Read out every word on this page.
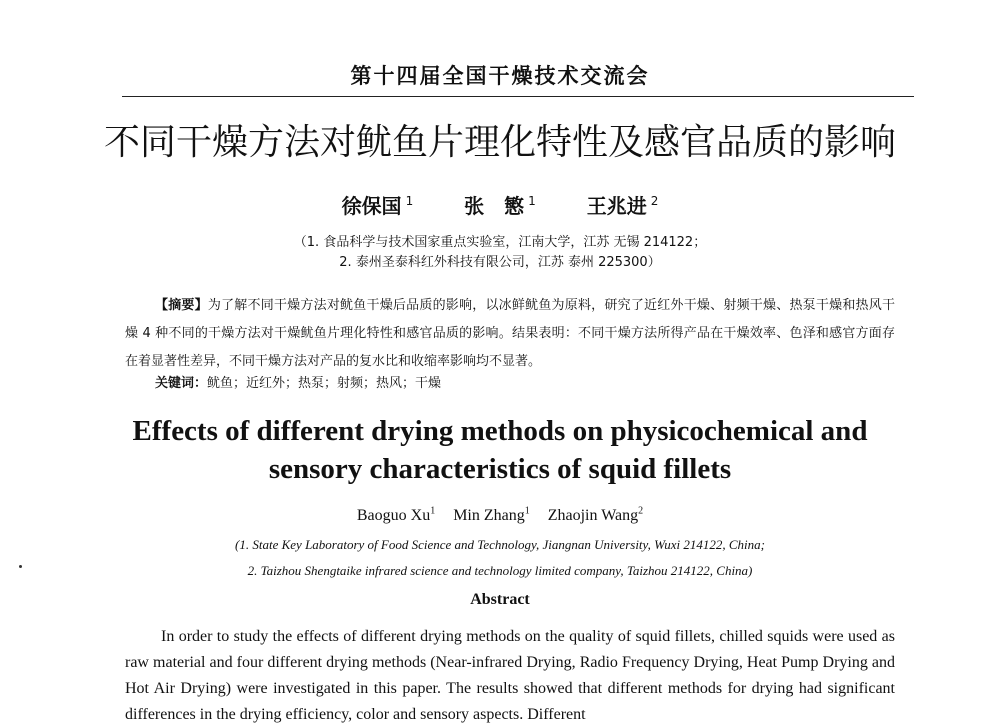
第十四届全国干燥技术交流会
不同干燥方法对鱿鱼片理化特性及感官品质的影响
徐保国 $^1$	张　慜 $^1$	王兆进 $^2$
（1. 食品科学与技术国家重点实验室，江南大学，江苏 无锡 214122；
2. 泰州圣泰科红外科技有限公司，江苏 泰州 225300）
【摘要】为了解不同干燥方法对鱿鱼干燥后品质的影响，以冰鲜鱿鱼为原料，研究了近红外干燥、射频干燥、热泵干燥和热风干燥 4 种不同的干燥方法对干燥鱿鱼片理化特性和感官品质的影响。结果表明：不同干燥方法所得产品在干燥效率、色泽和感官方面存在着显著性差异，不同干燥方法对产品的复水比和收缩率影响均不显著。
关键词：鱿鱼；近红外；热泵；射频；热风；干燥
Effects of different drying methods on physicochemical and
sensory characteristics of squid fillets
Baoguo Xu$^1$ Min Zhang$^1$ Zhaojin Wang$^2$
(1. State Key Laboratory of Food Science and Technology, Jiangnan University, Wuxi 214122, China;
2. Taizhou Shengtaike infrared science and technology limited company, Taizhou 214122, China)
Abstract
In order to study the effects of different drying methods on the quality of squid fillets, chilled squids were used as raw material and four different drying methods (Near-infrared Drying, Radio Frequency Drying, Heat Pump Drying and Hot Air Drying) were investigated in this paper. The results showed that different methods for drying had significant differences in the drying efficiency, color and sensory aspects. Different
